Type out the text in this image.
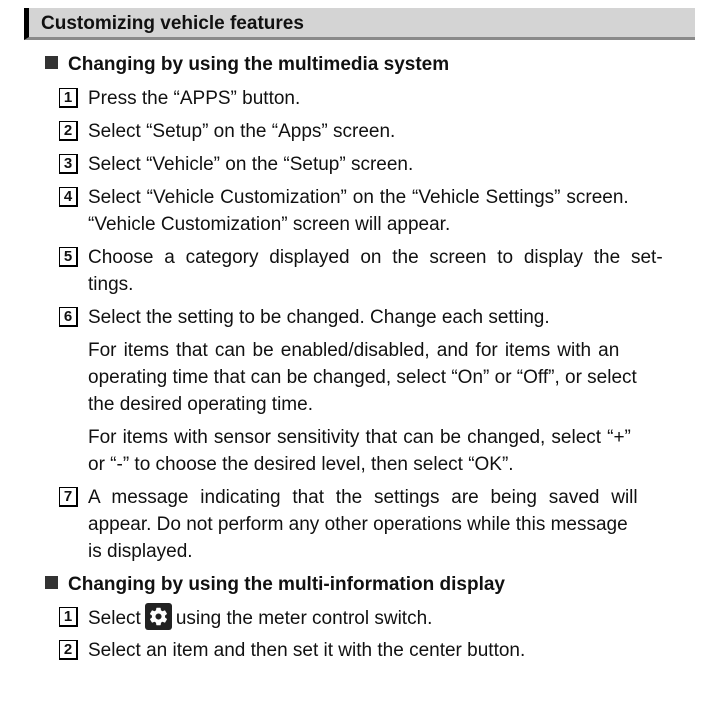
Customizing vehicle features
Changing by using the multimedia system
1 Press the “APPS” button.
2 Select “Setup” on the “Apps” screen.
3 Select “Vehicle” on the “Setup” screen.
4 Select “Vehicle Customization” on the “Vehicle Settings” screen.
“Vehicle Customization” screen will appear.
5 Choose a category displayed on the screen to display the set-
tings.
6 Select the setting to be changed. Change each setting.
For items that can be enabled/disabled, and for items with an
operating time that can be changed, select “On” or “Off”, or select
the desired operating time.
For items with sensor sensitivity that can be changed, select “+”
or “-” to choose the desired level, then select “OK”.
7 A message indicating that the settings are being saved will
appear. Do not perform any other operations while this message
is displayed.
Changing by using the multi-information display
1 Select using the meter control switch.
2 Select an item and then set it with the center button.
